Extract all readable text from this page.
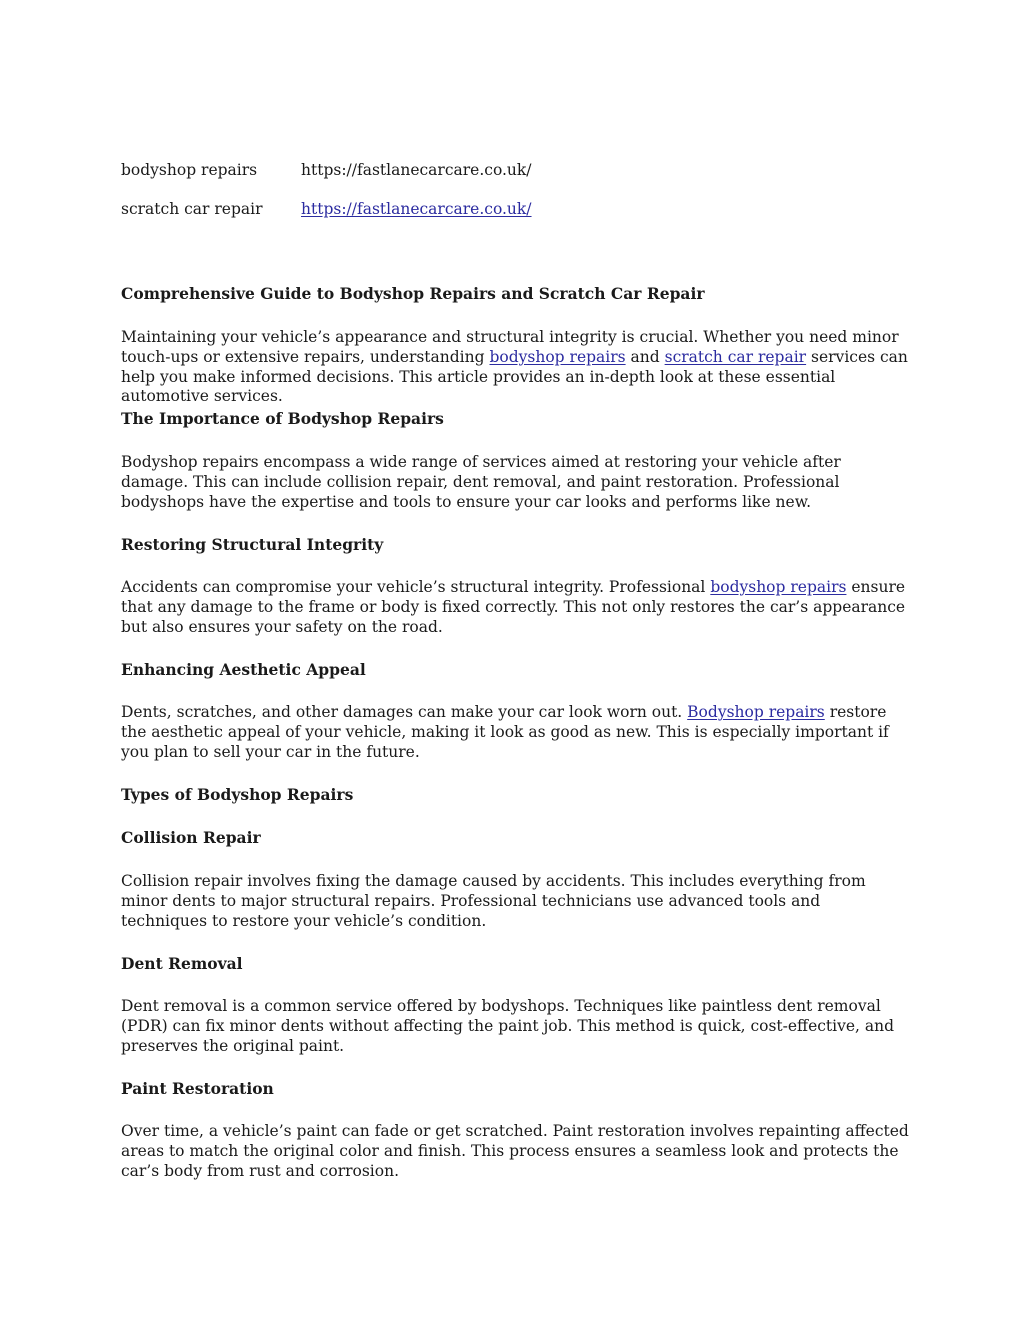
bodyshop repairs	https://fastlanecarcare.co.uk/
scratch car repair https://fastlanecarcare.co.uk/
Comprehensive Guide to Bodyshop Repairs and Scratch Car Repair

Maintaining your vehicle’s appearance and structural integrity is crucial. Whether you need minor touch-ups or extensive repairs, understanding bodyshop repairs and scratch car repair services can help you make informed decisions. This article provides an in-depth look at these essential automotive services.

The Importance of Bodyshop Repairs

Bodyshop repairs encompass a wide range of services aimed at restoring your vehicle after damage. This can include collision repair, dent removal, and paint restoration. Professional bodyshops have the expertise and tools to ensure your car looks and performs like new.

Restoring Structural Integrity

Accidents can compromise your vehicle’s structural integrity. Professional bodyshop repairs ensure that any damage to the frame or body is fixed correctly. This not only restores the car’s appearance but also ensures your safety on the road.

Enhancing Aesthetic Appeal

Dents, scratches, and other damages can make your car look worn out. Bodyshop repairs restore the aesthetic appeal of your vehicle, making it look as good as new. This is especially important if you plan to sell your car in the future.

Types of Bodyshop Repairs
Collision Repair

Collision repair involves fixing the damage caused by accidents. This includes everything from minor dents to major structural repairs. Professional technicians use advanced tools and techniques to restore your vehicle’s condition.

Dent Removal

Dent removal is a common service offered by bodyshops. Techniques like paintless dent removal (PDR) can fix minor dents without affecting the paint job. This method is quick, cost-effective, and preserves the original paint.

Paint Restoration

Over time, a vehicle’s paint can fade or get scratched. Paint restoration involves repainting affected areas to match the original color and finish. This process ensures a seamless look and protects the car’s body from rust and corrosion.
